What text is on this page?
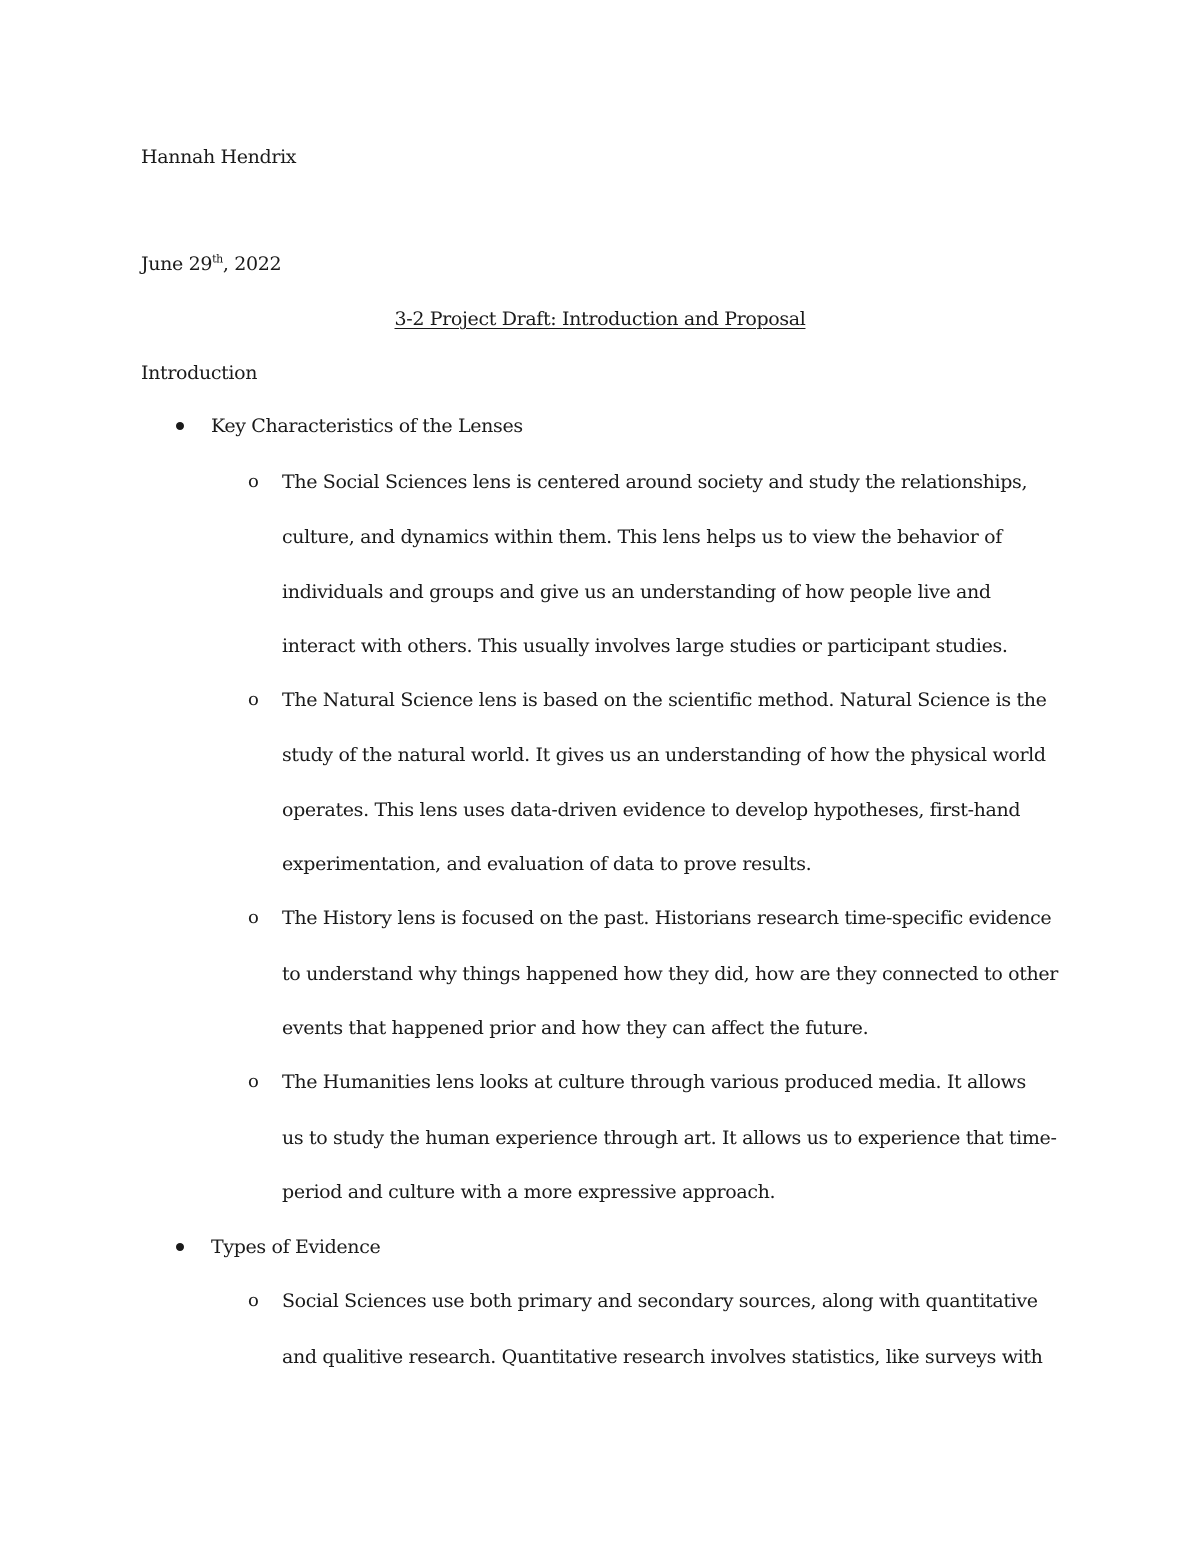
Hannah Hendrix
June 29th, 2022
3-2 Project Draft: Introduction and Proposal
Introduction
Key Characteristics of the Lenses
o The Social Sciences lens is centered around society and study the relationships,
culture, and dynamics within them. This lens helps us to view the behavior of
individuals and groups and give us an understanding of how people live and
interact with others. This usually involves large studies or participant studies.
o The Natural Science lens is based on the scientific method. Natural Science is the
study of the natural world. It gives us an understanding of how the physical world
operates. This lens uses data-driven evidence to develop hypotheses, first-hand
experimentation, and evaluation of data to prove results.
o The History lens is focused on the past. Historians research time-specific evidence
to understand why things happened how they did, how are they connected to other
events that happened prior and how they can affect the future.
o The Humanities lens looks at culture through various produced media. It allows
us to study the human experience through art. It allows us to experience that time-
period and culture with a more expressive approach.
Types of Evidence
o Social Sciences use both primary and secondary sources, along with quantitative
and qualitive research. Quantitative research involves statistics, like surveys with
